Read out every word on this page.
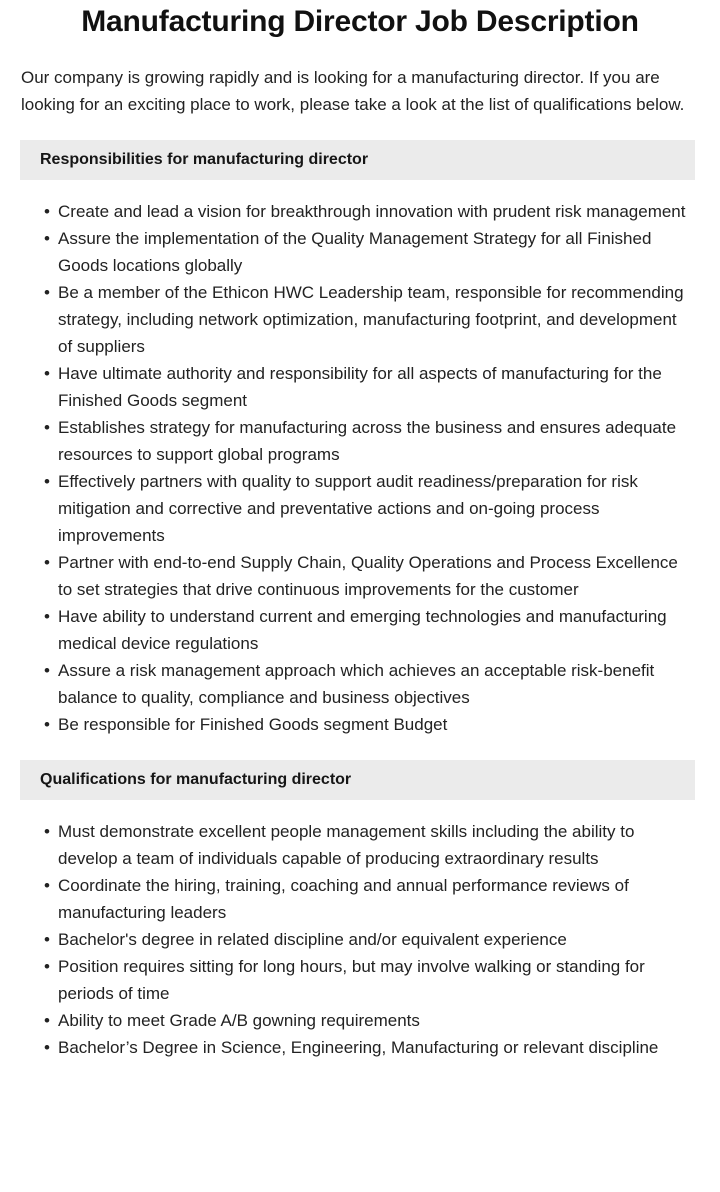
Manufacturing Director Job Description

Our company is growing rapidly and is looking for a manufacturing director. If you are looking for an exciting place to work, please take a look at the list of qualifications below.

Responsibilities for manufacturing director
• Create and lead a vision for breakthrough innovation with prudent risk management
• Assure the implementation of the Quality Management Strategy for all Finished Goods locations globally
• Be a member of the Ethicon HWC Leadership team, responsible for recommending strategy, including network optimization, manufacturing footprint, and development of suppliers
• Have ultimate authority and responsibility for all aspects of manufacturing for the Finished Goods segment
• Establishes strategy for manufacturing across the business and ensures adequate resources to support global programs
• Effectively partners with quality to support audit readiness/preparation for risk mitigation and corrective and preventative actions and on-going process improvements
• Partner with end-to-end Supply Chain, Quality Operations and Process Excellence to set strategies that drive continuous improvements for the customer
• Have ability to understand current and emerging technologies and manufacturing medical device regulations
• Assure a risk management approach which achieves an acceptable risk-benefit balance to quality, compliance and business objectives
• Be responsible for Finished Goods segment Budget
Qualifications for manufacturing director
• Must demonstrate excellent people management skills including the ability to develop a team of individuals capable of producing extraordinary results
• Coordinate the hiring, training, coaching and annual performance reviews of manufacturing leaders
• Bachelor's degree in related discipline and/or equivalent experience
• Position requires sitting for long hours, but may involve walking or standing for periods of time
• Ability to meet Grade A/B gowning requirements
• Bachelor’s Degree in Science, Engineering, Manufacturing or relevant discipline
